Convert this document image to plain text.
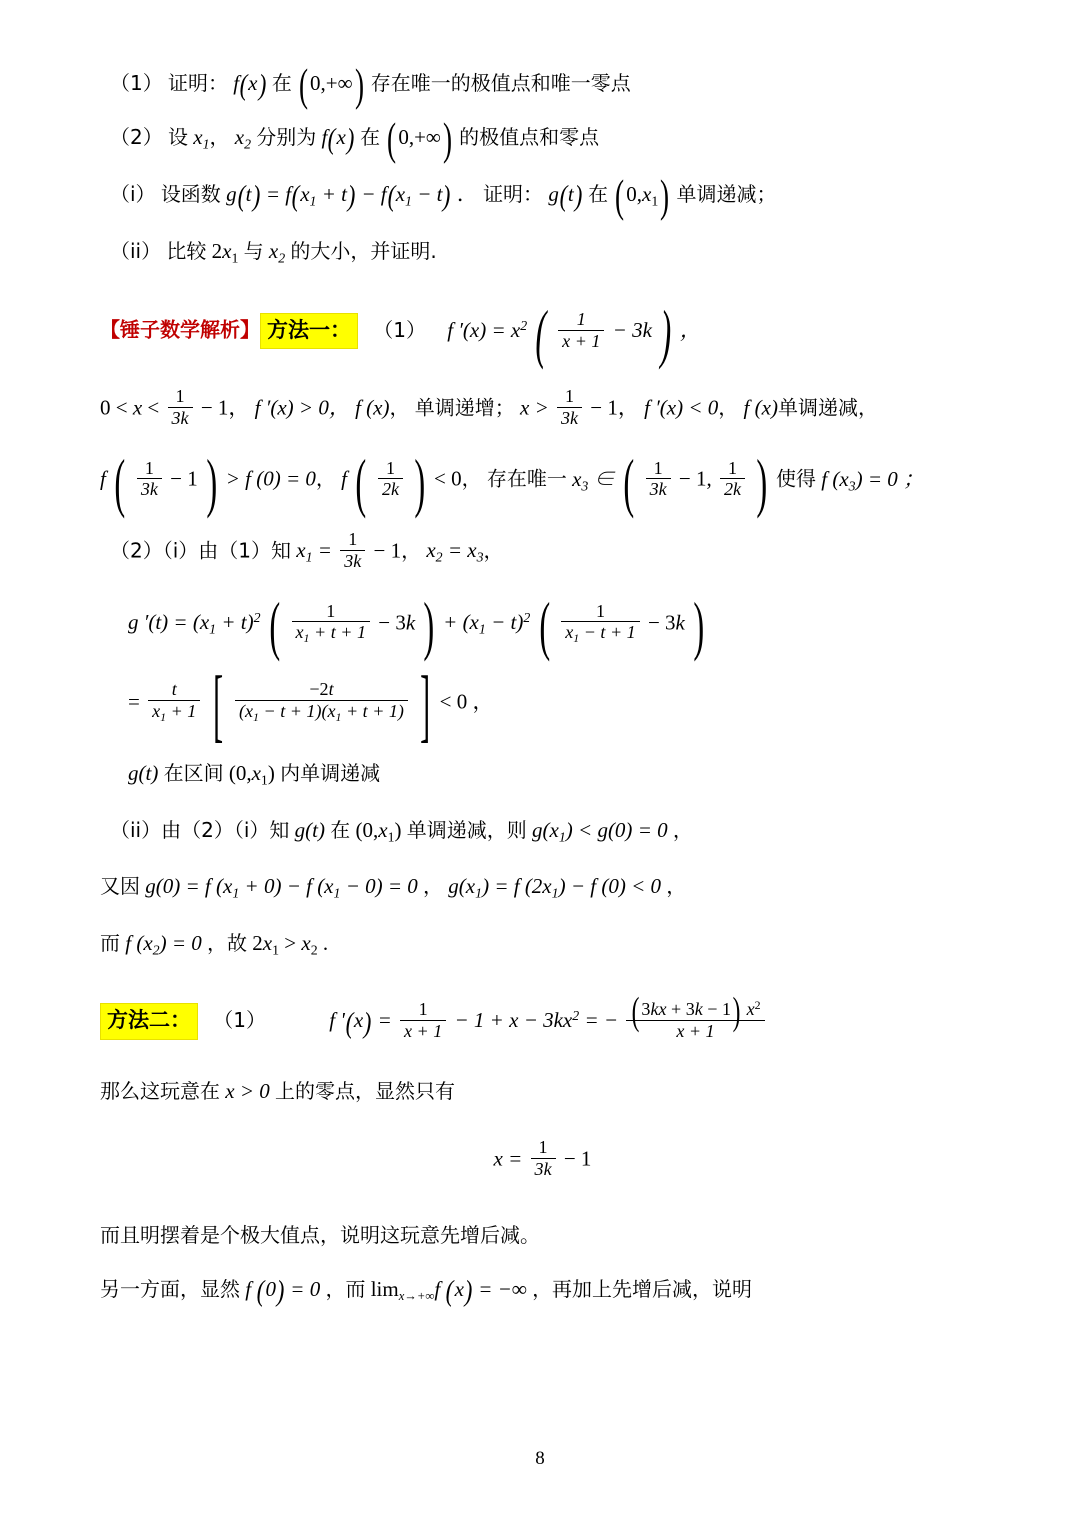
（1） 证明： f(x) 在 (0,+∞) 存在唯一的极值点和唯一零点
（2） 设 $x_1$， $x_2$ 分别为 f(x) 在 (0,+∞) 的极值点和零点
（i） 设函数 $g(t) = f(x_1 + t) - f(x_1 - t)$ ． 证明： g(t) 在 $(0,x_1)$ 单调递减；
（ii） 比较 $2x_1$ 与 $x_2$ 的大小，并证明.
【锤子数学解析】 方法一： （1） f $'(x) = x^2$ ( $\frac{1}{x + 1} - 3k$ ) ，
$0 < x < \frac{1}{3k} - 1$， f ′(x) > 0， f (x)， 单调递增； $x > \frac{1}{3k} - 1$， f ′(x) < 0， f (x)单调递减，
f ( $\frac{1}{3k} - 1$ ) > f (0) = 0， f ( $\frac{1}{2k}$ ) < 0， 存在唯一 $x_3$ ∈ ( $\frac{1}{3k} - 1$, $\frac{1}{2k}$ ) 使得 f $(x_3) = 0$ ；
（2）（i）由（1）知 $x_1 = \frac{1}{3k} - 1$， $x_2 = x_3$，
g $'(t) = (x_1 + t)^2$ ( $\frac{1}{x_1 + t + 1} - 3k$ ) + $(x_1 - t)^2$ ( $\frac{1}{x_1 - t + 1} - 3k$ )
= $\frac{t}{x_1 + 1}$ [ $\frac{-2t}{(x_1 - t + 1)(x_1 + t + 1)}$ ] < 0 ，
g(t) 在区间 $(0,x_1)$ 内单调递减
（ii）由（2）（i）知 g(t) 在 $(0,x_1)$ 单调递减，则 $g(x_1) < g(0) = 0$ ，
又因 g(0) = f $(x_1 + 0) - f$ $(x_1 - 0) = 0$ ， $g(x_1) = f$ $(2x_1) - f$ (0) < 0 ，
而 f $(x_2) = 0$ ，故 $2x_1 > x_2$ .
方法二： （1）	f '$(x) = \frac{1}{x + 1} - 1 + x - 3kx^2$ = − $\frac{(3kx + 3k - 1) x^2}{x + 1}$
那么这玩意在 x > 0 上的零点，显然只有
$x = \frac{1}{3k} - 1$
而且明摆着是个极大值点，说明这玩意先增后减。
另一方面，显然 f (0) = 0 ，而 $\lim_{x\to+\infty}f$ (x) = −∞ ，再加上先增后减，说明
8
